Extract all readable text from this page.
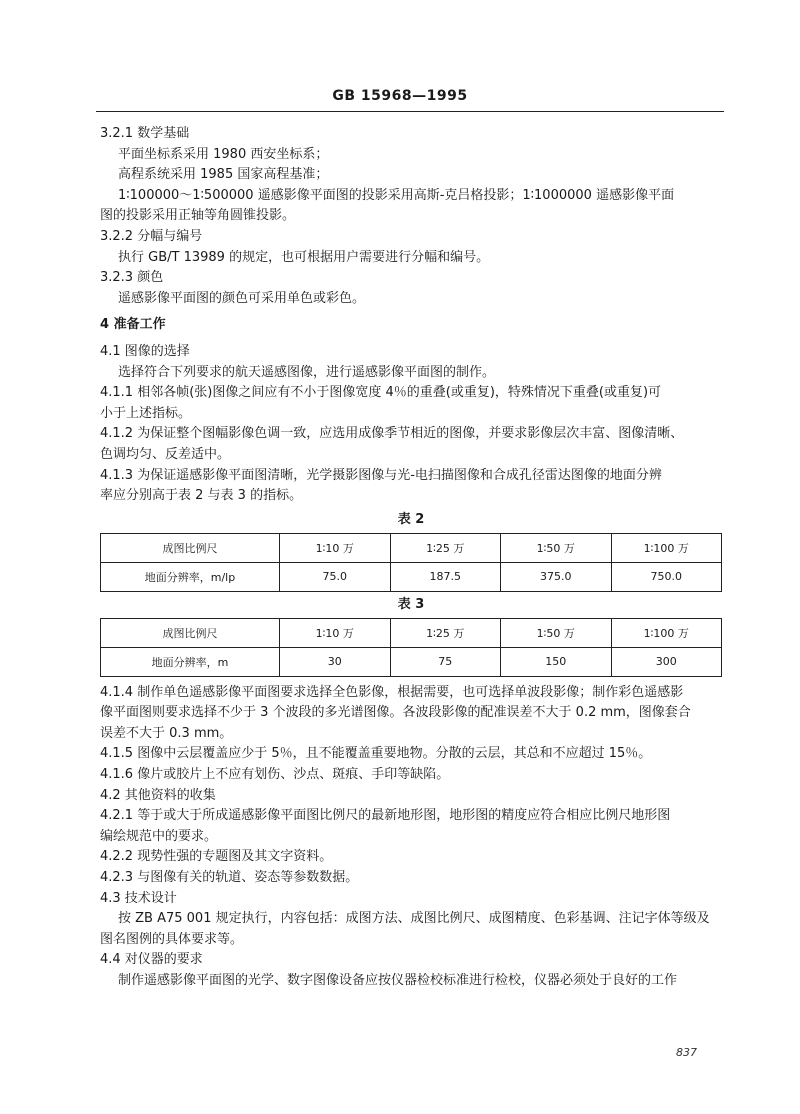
GB 15968—1995
3.2.1 数学基础
平面坐标系采用 1980 西安坐标系；
高程系统采用 1985 国家高程基准；
1∶100000～1∶500000 遥感影像平面图的投影采用高斯-克吕格投影；1∶1000000 遥感影像平面
图的投影采用正轴等角圆锥投影。
3.2.2 分幅与编号
执行 GB/T 13989 的规定，也可根据用户需要进行分幅和编号。
3.2.3 颜色
遥感影像平面图的颜色可采用单色或彩色。
4 准备工作
4.1 图像的选择
选择符合下列要求的航天遥感图像，进行遥感影像平面图的制作。
4.1.1 相邻各帧(张)图像之间应有不小于图像宽度 4％的重叠(或重复)，特殊情况下重叠(或重复)可
小于上述指标。
4.1.2 为保证整个图幅影像色调一致，应选用成像季节相近的图像，并要求影像层次丰富、图像清晰、
色调均匀、反差适中。
4.1.3 为保证遥感影像平面图清晰，光学摄影图像与光-电扫描图像和合成孔径雷达图像的地面分辨
率应分别高于表 2 与表 3 的指标。
表 2
成图比例尺	1∶10 万	1∶25 万	1∶50 万	1∶100 万
地面分辨率，m/lp	75.0	187.5	375.0	750.0
表 3
成图比例尺	1∶10 万	1∶25 万	1∶50 万	1∶100 万
地面分辨率，m	30	75	150	300
4.1.4 制作单色遥感影像平面图要求选择全色影像，根据需要，也可选择单波段影像；制作彩色遥感影
像平面图则要求选择不少于 3 个波段的多光谱图像。各波段影像的配准误差不大于 0.2 mm，图像套合
误差不大于 0.3 mm。
4.1.5 图像中云层覆盖应少于 5％，且不能覆盖重要地物。分散的云层，其总和不应超过 15％。
4.1.6 像片或胶片上不应有划伤、沙点、斑痕、手印等缺陷。
4.2 其他资料的收集
4.2.1 等于或大于所成遥感影像平面图比例尺的最新地形图，地形图的精度应符合相应比例尺地形图
编绘规范中的要求。
4.2.2 现势性强的专题图及其文字资料。
4.2.3 与图像有关的轨道、姿态等参数数据。
4.3 技术设计
按 ZB A75 001 规定执行，内容包括：成图方法、成图比例尺、成图精度、色彩基调、注记字体等级及
图名图例的具体要求等。
4.4 对仪器的要求
制作遥感影像平面图的光学、数字图像设备应按仪器检校标准进行检校，仪器必须处于良好的工作
837
